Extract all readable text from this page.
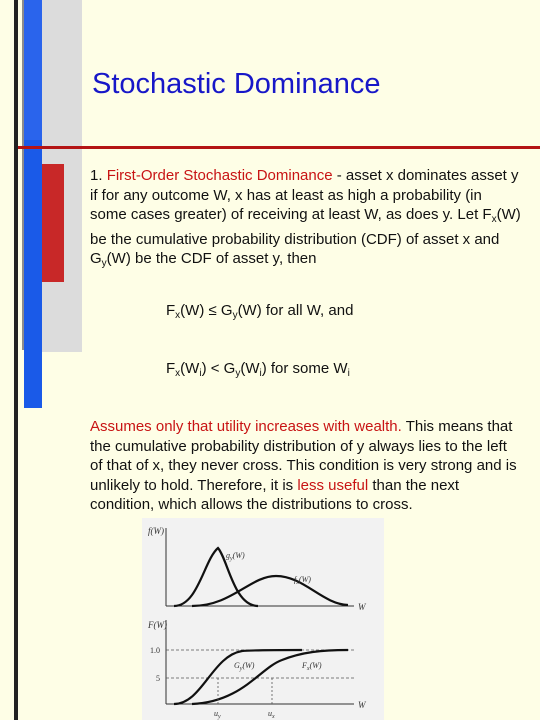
Stochastic Dominance
1. First-Order Stochastic Dominance - asset x dominates asset y if for any outcome W, x has at least as high a probability (in some cases greater) of receiving at least W, as does y. Let $F_x(W)$ be the cumulative probability distribution (CDF) of asset x and $G_y(W)$ be the CDF of asset y, then
$F_x(W) \le G_y(W)$ for all W, and
$F_x(W_i) < G_y(W_i)$ for some $W_i$
Assumes only that utility increases with wealth. This means that the cumulative probability distribution of y always lies to the left of that of x, they never cross. This condition is very strong and is unlikely to hold. Therefore, it is less useful than the next condition, which allows the distributions to cross.
f(W)
W
$g_y(W)$
$f_x(W)$
F(W)
W
1.0
5
$G_y(W)$	$F_x(W)$
$u_y$	$u_x$
